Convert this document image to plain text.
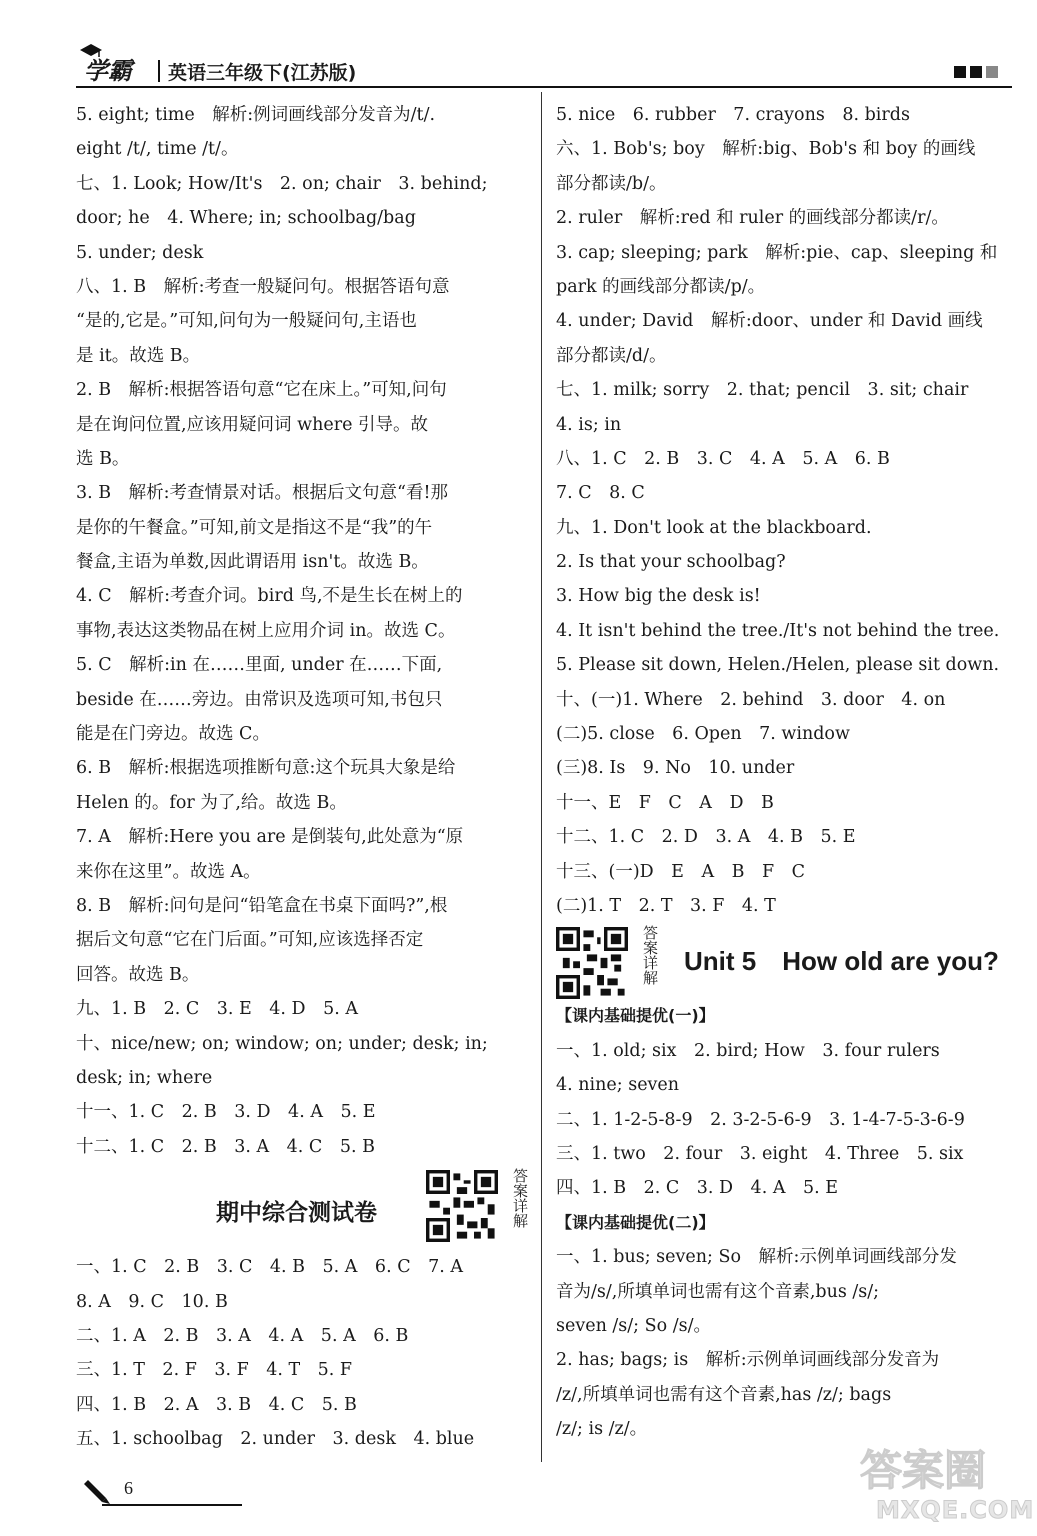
学霸 英语三年级下(江苏版)
5. eight; time　解析:例词画线部分发音为/t/.
eight /t/, time /t/。
七、1. Look; How/It's　2. on; chair　3. behind;
door; he　4. Where; in; schoolbag/bag
5. under; desk
八、1. B　解析:考查一般疑问句。根据答语句意
“是的,它是。”可知,问句为一般疑问句,主语也
是 it。故选 B。
2. B　解析:根据答语句意“它在床上。”可知,问句
是在询问位置,应该用疑问词 where 引导。故
选 B。
3. B　解析:考查情景对话。根据后文句意“看!那
是你的午餐盒。”可知,前文是指这不是“我”的午
餐盒,主语为单数,因此谓语用 isn't。故选 B。
4. C　解析:考查介词。bird 鸟,不是生长在树上的
事物,表达这类物品在树上应用介词 in。故选 C。
5. C　解析:in 在……里面, under 在……下面,
beside 在……旁边。由常识及选项可知,书包只
能是在门旁边。故选 C。
6. B　解析:根据选项推断句意:这个玩具大象是给
Helen 的。for 为了,给。故选 B。
7. A　解析:Here you are 是倒装句,此处意为“原
来你在这里”。故选 A。
8. B　解析:问句是问“铅笔盒在书桌下面吗?”,根
据后文句意“它在门后面。”可知,应该选择否定
回答。故选 B。
九、1. B　2. C　3. E　4. D　5. A
十、nice/new; on; window; on; under; desk; in;
desk; in; where
十一、1. C　2. B　3. D　4. A　5. E
十二、1. C　2. B　3. A　4. C　5. B
期中综合测试卷	答案详解
一、1. C　2. B　3. C　4. B　5. A　6. C　7. A
8. A　9. C　10. B
二、1. A　2. B　3. A　4. A　5. A　6. B
三、1. T　2. F　3. F　4. T　5. F
四、1. B　2. A　3. B　4. C　5. B
五、1. schoolbag　2. under　3. desk　4. blue
5. nice　6. rubber　7. crayons　8. birds
六、1. Bob's; boy　解析:big、Bob's 和 boy 的画线
部分都读/b/。
2. ruler　解析:red 和 ruler 的画线部分都读/r/。
3. cap; sleeping; park　解析:pie、cap、sleeping 和
park 的画线部分都读/p/。
4. under; David　解析:door、under 和 David 画线
部分都读/d/。
七、1. milk; sorry　2. that; pencil　3. sit; chair
4. is; in
八、1. C　2. B　3. C　4. A　5. A　6. B
7. C　8. C
九、1. Don't look at the blackboard.
2. Is that your schoolbag?
3. How big the desk is!
4. It isn't behind the tree./It's not behind the tree.
5. Please sit down, Helen./Helen, please sit down.
十、(一)1. Where　2. behind　3. door　4. on
(二)5. close　6. Open　7. window
(三)8. Is　9. No　10. under
十一、E　F　C　A　D　B
十二、1. C　2. D　3. A　4. B　5. E
十三、(一)D　E　A　B　F　C
(二)1. T　2. T　3. F　4. T
答案详解 Unit 5　How old are you?
【课内基础提优(一)】
一、1. old; six　2. bird; How　3. four rulers
4. nine; seven
二、1. 1-2-5-8-9　2. 3-2-5-6-9　3. 1-4-7-5-3-6-9
三、1. two　2. four　3. eight　4. Three　5. six
四、1. B　2. C　3. D　4. A　5. E
【课内基础提优(二)】
一、1. bus; seven; So　解析:示例单词画线部分发
音为/s/,所填单词也需有这个音素,bus /s/;
seven /s/; So /s/。
2. has; bags; is　解析:示例单词画线部分发音为
/z/,所填单词也需有这个音素,has /z/; bags
/z/; is /z/。
6	答案圈
MXQE.COM
